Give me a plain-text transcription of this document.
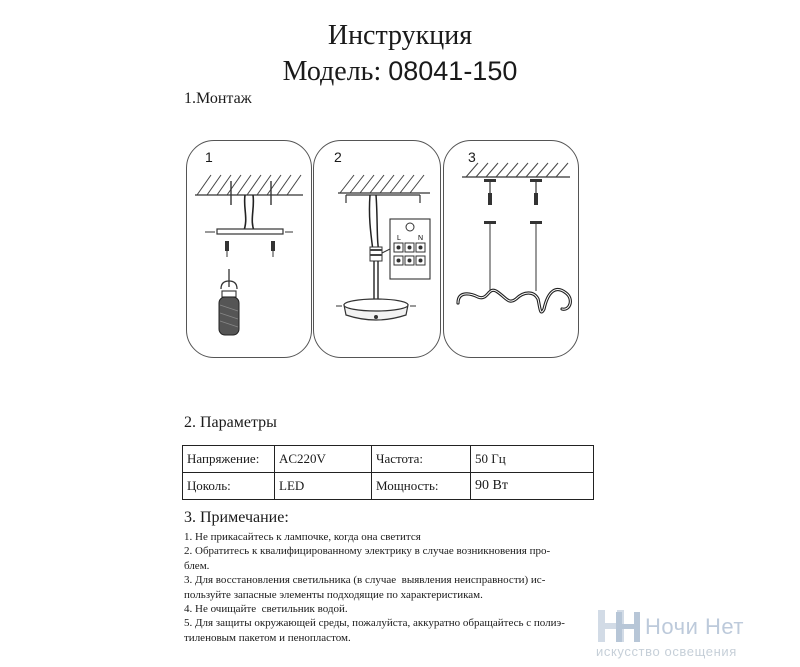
Инструкция
Модель: 08041-150
1.Монтаж
1	2
L N
3
2. Параметры
Напряжение:	AC220V	Частота:	50 Гц
Цоколь:	LED	Мощность:	90 Вт
3. Примечание:
1. Не прикасайтесь к лампочке, когда она светится
2. Обратитесь к квалифицированному электрику в случае возникновения про-
блем.
3. Для восстановления светильника (в случае  выявления неисправности) ис-
пользуйте запасные элементы подходящие по характеристикам.
4. Не очищайте  светильник водой.
5. Для защиты окружающей среды, пожалуйста, аккуратно обращайтесь с полиэ-
тиленовым пакетом и пенопластом.	Ночи Нет
искусство освещения
